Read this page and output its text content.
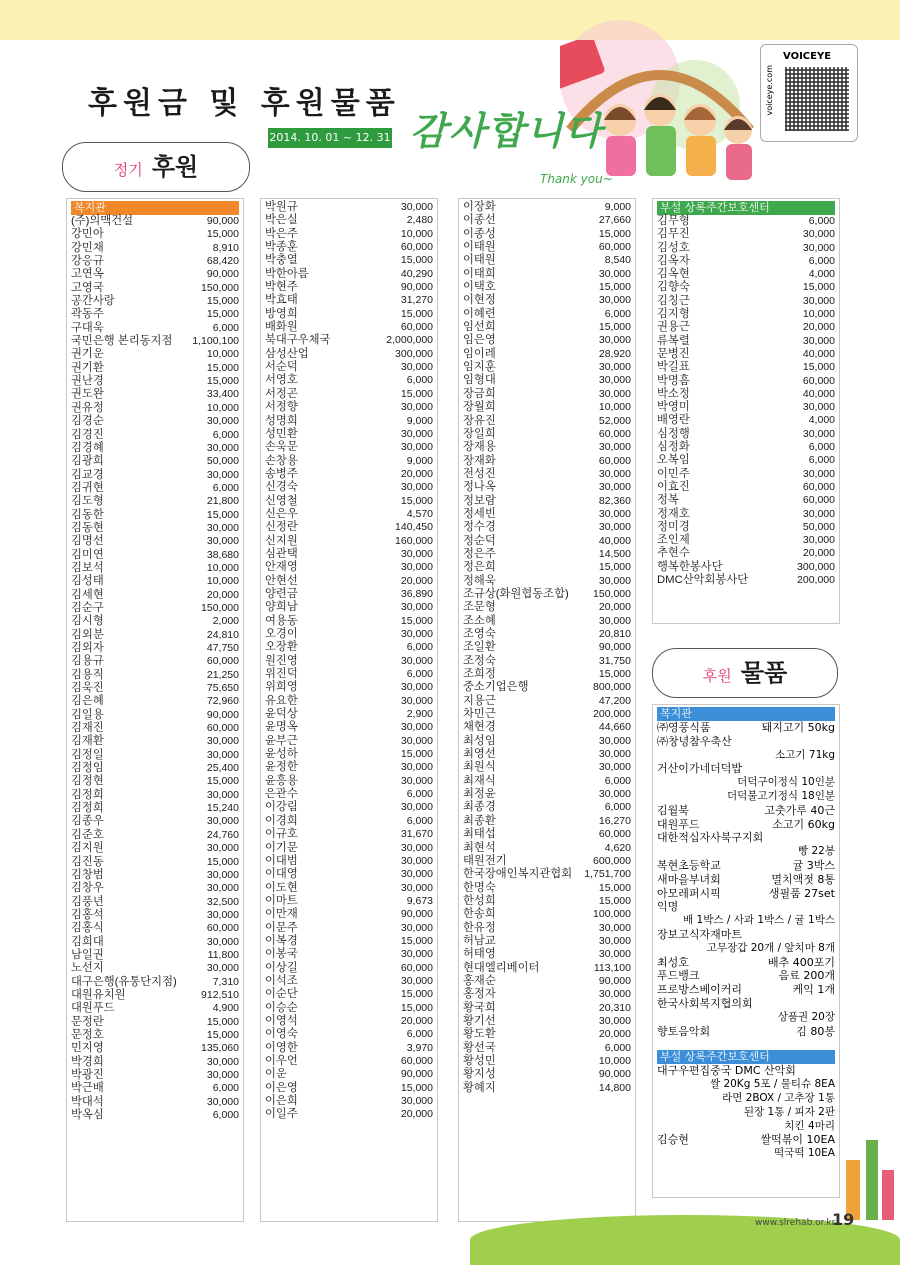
후원금 및 후원물품
2014. 10. 01 ~ 12. 31 감사합니다
Thank you~
VOICEYE
voiceye.com
정기 후원
복지관
(주)의맥건설	90,000
강민아	15,000
강민채	8,910
강응규	68,420
고연옥	90,000
고영국	150,000
공간사랑	15,000
곽동주	15,000
구대욱	6,000
국민은행 본리동지점 1,100,100
권기운	10,000
권기환	15,000
권난경	15,000
권도완	33,400
권유정	10,000
김경순	30,000
김경진	6,000
김경혜	30,000
김광희	50,000
김교경	30,000
김귀현	6,000
김도형	21,800
김동한	15,000
김동현	30,000
김명선	30,000
김미연	38,680
김보석	10,000
김성태	10,000
김세현	20,000
김순구	150,000
김시형	2,000
김외분	24,810
김외자	47,750
김용규	60,000
김용직	21,250
김욱진	75,650
김은혜	72,960
김일용	90,000
김재진	60,000
김재환	30,000
김정일	30,000
김정임	25,400
김정현	15,000
김정희	30,000
김정희	15,240
김종우	30,000
김준호	24,760
김지원	30,000
김진동	15,000
김창범	30,000
김창우	30,000
김풍년	32,500
김홍석	30,000
김홍식	60,000
김희대	30,000
남일권	11,800
노선지	30,000
대구은행(유통단지점)	7,310
대원유치원	912,510
대원푸드	4,900
문정란	15,000
문정호	15,000
민지영	135,060
박경희	30,000
박광진	30,000
박근배	6,000
박대석	30,000
박옥심	6,000
박원규	30,000
박은실	2,480
박은주	10,000
박종훈	60,000
박충열	15,000
박한아름	40,290
박현주	90,000
박효태	31,270
방영희	15,000
배화원	60,000
북대구우체국	2,000,000
삼성산업	300,000
서순덕	30,000
서영호	6,000
서정곤	15,000
서정향	30,000
성명희	9,000
성민환	30,000
손욱문	30,000
손창용	9,000
송병주	20,000
신경숙	30,000
신영철	15,000
신은우	4,570
신정란	140,450
신지원	160,000
심관택	30,000
안재영	30,000
안현선	20,000
양련금	36,890
양희남	30,000
여용동	15,000
오경이	30,000
오장환	6,000
원진영	30,000
위진덕	6,000
위희영	30,000
유요한	30,000
윤덕상	2,900
윤명옥	30,000
윤부근	30,000
윤성하	15,000
윤정한	30,000
윤흥용	30,000
은관수	6,000
이강림	30,000
이경희	6,000
이규호	31,670
이기문	30,000
이대범	30,000
이대영	30,000
이도현	30,000
이마트	9,673
이만재	90,000
이문주	30,000
이복경	15,000
이봉국	30,000
이상길	60,000
이석조	30,000
이순단	15,000
이승순	15,000
이영석	20,000
이영숙	6,000
이영한	3,970
이우언	60,000
이운	90,000
이은영	15,000
이은희	30,000
이일주	20,000
이장화	9,000
이종선	27,660
이종성	15,000
이태원	60,000
이태원	8,540
이태희	30,000
이택호	15,000
이현정	30,000
이혜련	6,000
임선희	15,000
임은영	30,000
임이레	28,920
임지훈	30,000
임형대	30,000
장금희	30,000
장월희	10,000
장유진	52,000
장일희	60,000
장재용	30,000
장재화	60,000
전성진	30,000
정나옥	30,000
정보람	82,360
정세빈	30,000
정수경	30,000
정순덕	40,000
정은주	14,500
정은희	15,000
정해욱	30,000
조규상(화원협동조합) 150,000
조문형	20,000
조소혜	30,000
조영숙	20,810
조일환	90,000
조정숙	31,750
조희정	15,000
중소기업은행	800,000
지용근	47,200
차민근	200,000
채현경	44,660
최성임	30,000
최영선	30,000
최원식	30,000
최재식	6,000
최정윤	30,000
최종경	6,000
최종환	16,270
최태섭	60,000
최현석	4,620
태원전기	600,000
한국장애인복지관협회 1,751,700
한명숙	15,000
한성희	15,000
한송희	100,000
한유정	30,000
허남교	30,000
허태영	30,000
현대엘리베이터	113,100
홍재순	90,000
홍정자	30,000
황국희	20,310
황기선	30,000
황도환	20,000
황선국	6,000
황성민	10,000
황지성	90,000
황혜지	14,800
부설 상록주간보호센터
김무형	6,000
김무진	30,000
김성호	30,000
김옥자	6,000
김옥현	4,000
김향숙	15,000
김칭근	30,000
김지형	10,000
권용근	20,000
류복렬	30,000
문병진	40,000
박길표	15,000
박명흠	60,000
박소정	40,000
박영미	30,000
배영란	4,000
심정행	30,000
심정화	6,000
오복임	6,000
이민주	30,000
이효진	60,000
정복	60,000
정재호	30,000
정미경	50,000
조인제	30,000
추현수	20,000
행복한봉사단	300,000
DMC산악회봉사단	200,000
후원 물품
복지관
㈜영풍식품	돼지고기 50kg
㈜창녕참우축산
소고기 71kg
거산이가네더덕밥
더덕구이정식 10인분
더덕불고기정식 18인분
김월북	고춧가루 40근
대원푸드	소고기 60kg
대한적십자사북구지회
빵 22봉
복현초등학교	귤 3박스
새마을부녀회	멸치액젓 8통
아모레퍼시픽	생필품 27set
익명
배 1박스 / 사과 1박스 / 귤 1박스
장보고식자재마트
고무장갑 20개 / 앞치마 8개
최성호	배추 400포기
푸드뱅크	음료 200개
프로방스베이커리	케익 1개
한국사회복지협의회
상품권 20장
향토음악회	김 80봉
부설 상록주간보호센터
대구우편집중국 DMC 산악회
쌀 20Kg 5포 / 물티슈 8EA
라면 2BOX / 고추장 1통
된장 1통 / 피자 2판
치킨 4마리
김승현	쌀떡볶이 10EA
떡국떡 10EA
www.slrehab.or.kr
19
